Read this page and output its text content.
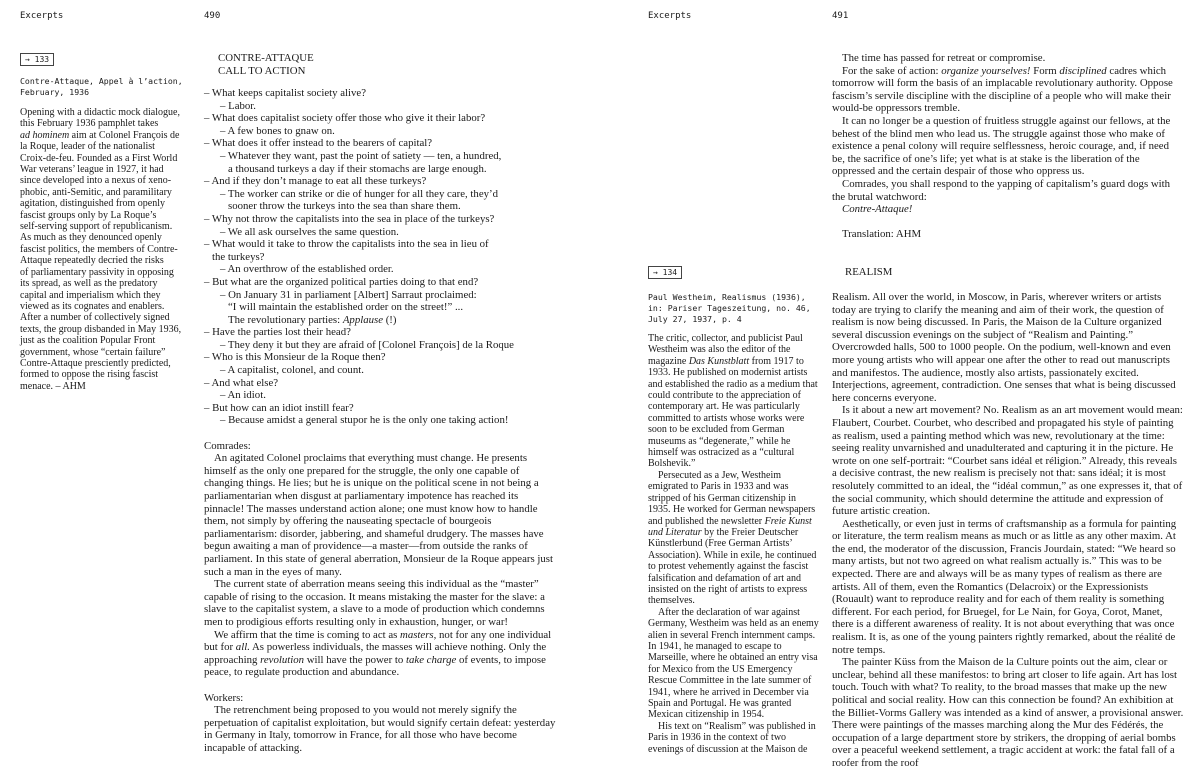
Excerpts	490
→ 133
Contre-Attaque, Appel à l’action,
February, 1936
Opening with a didactic mock dialogue,
this February 1936 pamphlet takes
ad hominem aim at Colonel François de
la Roque, leader of the nationalist
Croix-de-feu. Founded as a First World
War veterans’ league in 1927, it had
since developed into a nexus of xeno-
phobic, anti-Semitic, and paramilitary
agitation, distinguished from openly
fascist groups only by La Roque’s
self-serving support of republicanism.
As much as they denounced openly
fascist politics, the members of Contre-
Attaque repeatedly decried the risks
of parliamentary passivity in opposing
its spread, as well as the predatory
capital and imperialism which they
viewed as its cognates and enablers.
After a number of collectively signed
texts, the group disbanded in May 1936,
just as the coalition Popular Front
government, whose “certain failure”
Contre-Attaque presciently predicted,
formed to oppose the rising fascist
menace. – AHM
CONTRE-ATTAQUE
CALL TO ACTION
– What keeps capitalist society alive?
– Labor.
– What does capitalist society offer those who give it their labor?
– A few bones to gnaw on.
– What does it offer instead to the bearers of capital?
– Whatever they want, past the point of satiety — ten, a hundred,
a thousand turkeys a day if their stomachs are large enough.
– And if they don’t manage to eat all these turkeys?
– The worker can strike or die of hunger for all they care, they’d
sooner throw the turkeys into the sea than share them.
– Why not throw the capitalists into the sea in place of the turkeys?
– We all ask ourselves the same question.
– What would it take to throw the capitalists into the sea in lieu of
the turkeys?
– An overthrow of the established order.
– But what are the organized political parties doing to that end?
– On January 31 in parliament [Albert] Sarraut proclaimed:
“I will maintain the established order on the street!” ...
The revolutionary parties: Applause (!)
– Have the parties lost their head?
– They deny it but they are afraid of [Colonel François] de la Roque
– Who is this Monsieur de la Roque then?
– A capitalist, colonel, and count.
– And what else?
– An idiot.
– But how can an idiot instill fear?
– Because amidst a general stupor he is the only one taking action!

Comrades:

An agitated Colonel proclaims that everything must change. He presents himself as the only one prepared for the struggle, the only one capable of changing things. He lies; but he is unique on the political scene in not being a parliamentarian when disgust at parliamentary impotence has reached its pinnacle! The masses understand action alone; one must know how to handle them, not simply by offering the nauseating spectacle of bourgeois parliamentarism: disorder, jabbering, and shameful drudgery. The masses have begun awaiting a man of providence—a master—from outside the ranks of parliament. In this state of general aberration, Monsieur de la Roque appears just such a man in the eyes of many.

The current state of aberration means seeing this individual as the “master” capable of rising to the occasion. It means mistaking the master for the slave: a slave to the capitalist system, a slave to a mode of production which condemns men to prodigious efforts resulting only in exhaustion, hunger, or war!

We affirm that the time is coming to act as masters, not for any one individual but for all. As powerless individuals, the masses will achieve nothing. Only the approaching revolution will have the power to take charge of events, to impose peace, to regulate production and abundance.

Workers:

The retrenchment being proposed to you would not merely signify the perpetuation of capitalist exploitation, but would signify certain defeat: yesterday in Germany in Italy, tomorrow in France, for all those who have become incapable of attacking.

Excerpts	491

The time has passed for retreat or compromise.

For the sake of action: organize yourselves! Form disciplined cadres which tomorrow will form the basis of an implacable revolutionary authority. Oppose fascism’s servile discipline with the discipline of a people who will make their would-be oppressors tremble.

It can no longer be a question of fruitless struggle against our fellows, at the behest of the blind men who lead us. The struggle against those who make of existence a penal colony will require selflessness, heroic courage, and, if need be, the sacrifice of one’s life; yet what is at stake is the liberation of the oppressed and the certain despair of those who oppress us.

Comrades, you shall respond to the yapping of capitalism’s guard dogs with the brutal watchword:

Contre-Attaque!

Translation: AHM

→ 134
Paul Westheim, Realismus (1936),
in: Pariser Tageszeitung, no. 46,
July 27, 1937, p. 4

The critic, collector, and publicist Paul Westheim was also the editor of the magazine Das Kunstblatt from 1917 to 1933. He published on modernist artists and established the radio as a medium that could contribute to the appreciation of contemporary art. He was particularly committed to artists whose works were soon to be excluded from German museums as “degenerate,” while he himself was ostracized as a “cultural Bolshevik.”

Persecuted as a Jew, Westheim emigrated to Paris in 1933 and was stripped of his German citizenship in 1935. He worked for German newspapers and published the newsletter Freie Kunst und Literatur by the Freier Deutscher Künstlerbund (Free German Artists’ Association). While in exile, he continued to protest vehemently against the fascist falsification and defamation of art and insisted on the right of artists to express themselves.

After the declaration of war against Germany, Westheim was held as an enemy alien in several French internment camps. In 1941, he managed to escape to Marseille, where he obtained an entry visa for Mexico from the US Emergency Rescue Committee in the late summer of 1941, where he arrived in December via Spain and Portugal. He was granted Mexican citizenship in 1954.

His text on “Realism” was published in Paris in 1936 in the context of two evenings of discussion at the Maison de

REALISM

Realism. All over the world, in Moscow, in Paris, wherever writers or artists today are trying to clarify the meaning and aim of their work, the question of realism is now being discussed. In Paris, the Maison de la Culture organized several discussion evenings on the subject of “Realism and Painting.” Overcrowded halls, 500 to 1000 people. On the podium, well-known and even more young artists who will appear one after the other to read out manuscripts and manifestos. The audience, mostly also artists, passionately excited. Interjections, agreement, contradiction. One senses that what is being discussed here concerns everyone.

Is it about a new art movement? No. Realism as an art movement would mean: Flaubert, Courbet. Courbet, who described and propagated his style of painting as realism, used a painting method which was new, revolutionary at the time: seeing reality unvarnished and unadulterated and capturing it in the picture. He wrote on one self-portrait: “Courbet sans idéal et réligion.” Already, this reveals a decisive contrast, the new realism is precisely not that: sans idéal; it is most resolutely committed to an ideal, the “idéal commun,” as one expresses it, that of the social community, which should determine the attitude and expression of future artistic creation.

Aesthetically, or even just in terms of craftsmanship as a formula for painting or literature, the term realism means as much or as little as any other maxim. At the end, the moderator of the discussion, Francis Jourdain, stated: “We heard so many artists, but not two agreed on what realism actually is.” This was to be expected. There are and always will be as many types of realism as there are artists. All of them, even the Romantics (Delacroix) or the Expressionists (Rouault) want to reproduce reality and for each of them reality is something different. For each period, for Bruegel, for Le Nain, for Goya, Corot, Manet, there is a different awareness of reality. It is not about everything that was once realism. It is, as one of the young painters rightly remarked, about the réalité de notre temps.

The painter Küss from the Maison de la Culture points out the aim, clear or unclear, behind all these manifestos: to bring art closer to life again. Art has lost touch. Touch with what? To reality, to the broad masses that make up the new political and social reality. How can this connection be found? An exhibition at the Billiet-Vorms Gallery was intended as a kind of answer, a provisional answer. There were paintings of the masses marching along the Mur des Fédérés, the occupation of a large department store by strikers, the dropping of aerial bombs over a peaceful weekend settlement, a tragic accident at work: the fatal fall of a roofer from the roof
